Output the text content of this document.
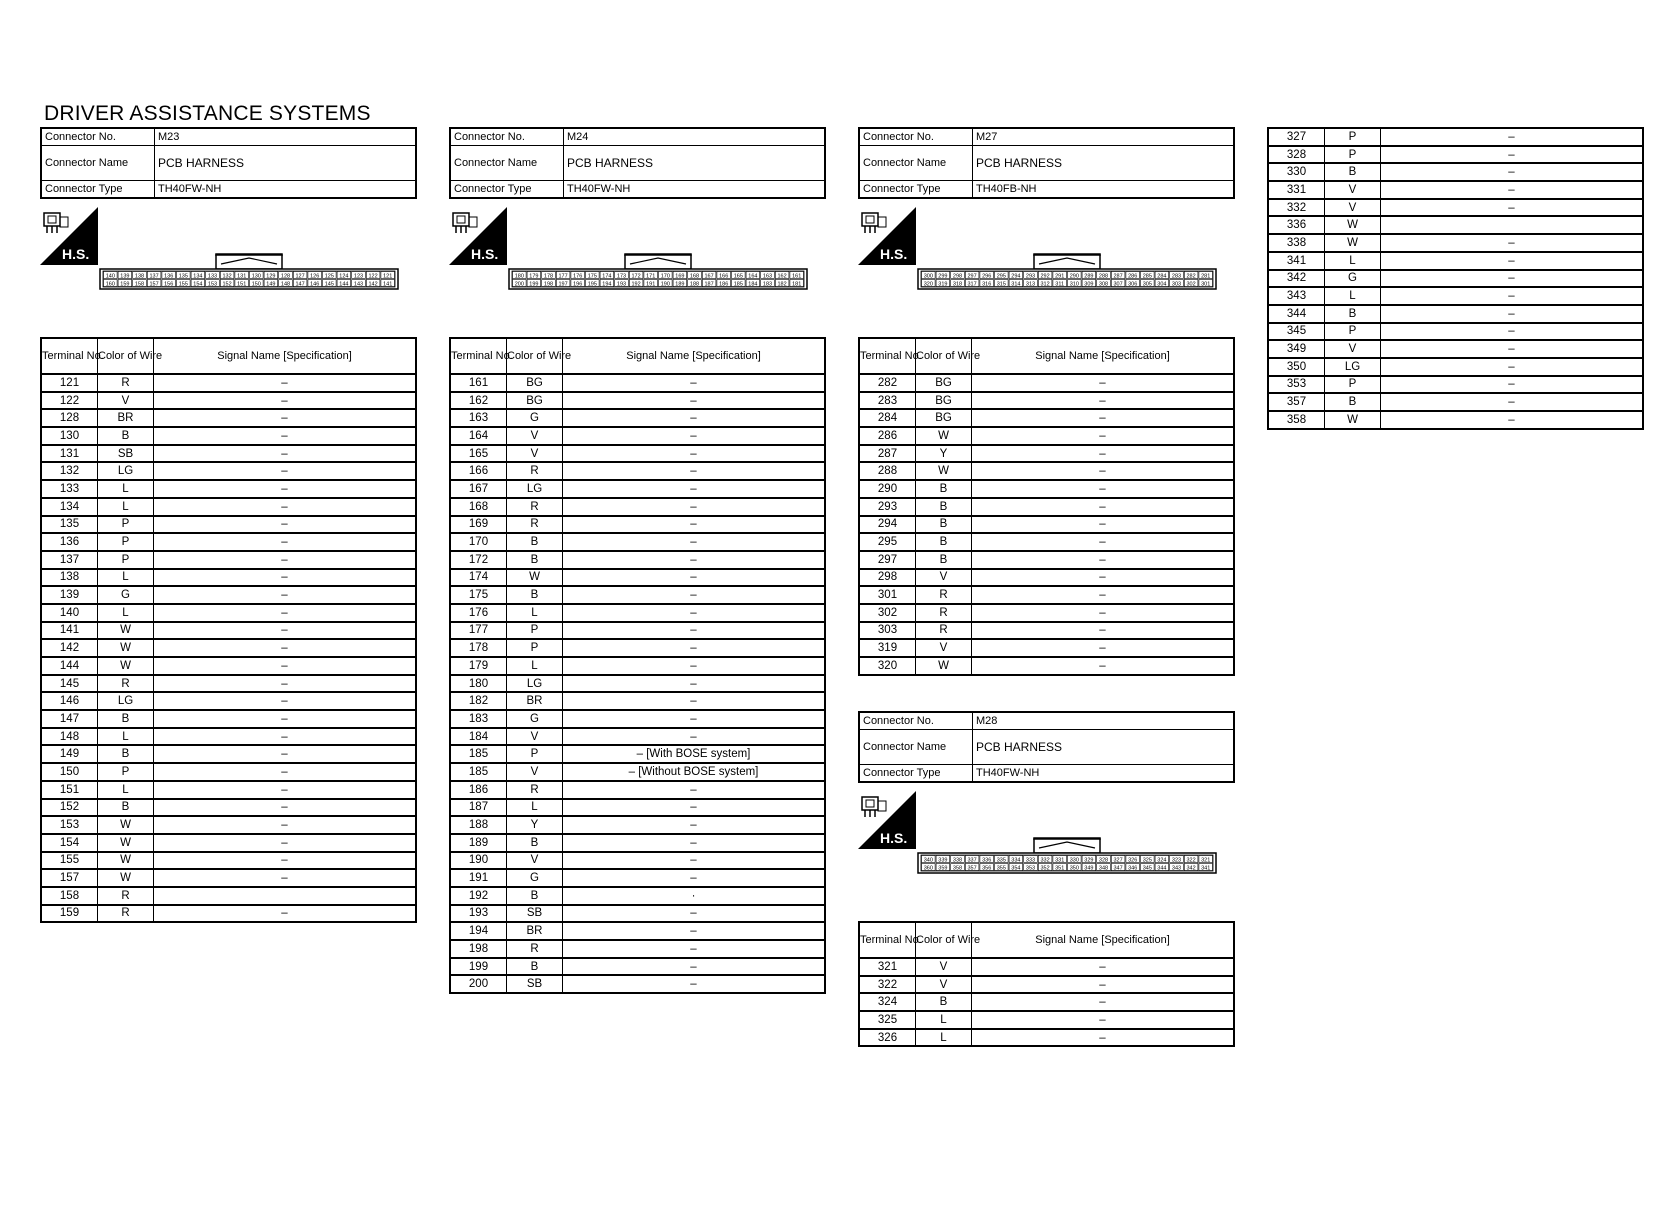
DRIVER ASSISTANCE SYSTEMS
Connector No.	M23
Connector Name	PCB HARNESS
Connector Type	TH40FW-NH
H.S.
140 139 138 137 136 135 134 133 132 131 130 129 128 127 126 125 124 123 122 121
160 159 158 157 156 155 154 153 152 151 150 149 148 147 146 145 144 143 142 141
Terminal No.	Color of Wire	Signal Name [Specification]
121	R	–
122	V	–
128	BR	–
130	B	–
131	SB	–
132	LG	–
133	L	–
134	L	–
135	P	–
136	P	–
137	P	–
138	L	–
139	G	–
140	L	–
141	W	–
142	W	–
144	W	–
145	R	–
146	LG	–
147	B	–
148	L	–
149	B	–
150	P	–
151	L	–
152	B	–
153	W	–
154	W	–
155	W	–
157	W	–
158	R	
159	R	–
Connector No.	M24
Connector Name	PCB HARNESS
Connector Type	TH40FW-NH
H.S.
180 179 178 177 176 175 174 173 172 171 170 169 168 167 166 165 164 163 162 161
200 199 198 197 196 195 194 193 192 191 190 189 188 187 186 185 184 183 182 181
Terminal No.	Color of Wire	Signal Name [Specification]
161	BG	–
162	BG	–
163	G	–
164	V	–
165	V	–
166	R	–
167	LG	–
168	R	–
169	R	–
170	B	–
172	B	–
174	W	–
175	B	–
176	L	–
177	P	–
178	P	–
179	L	–
180	LG	–
182	BR	–
183	G	–
184	V	–
185	P	– [With BOSE system]
185	V	– [Without BOSE system]
186	R	–
187	L	–
188	Y	–
189	B	–
190	V	–
191	G	–
192	B	·
193	SB	–
194	BR	–
198	R	–
199	B	–
200	SB	–
Connector No.	M27
Connector Name	PCB HARNESS
Connector Type	TH40FB-NH
H.S.
300 299 298 297 296 295 294 293 292 291 290 289 288 287 286 285 284 283 282 281
320 319 318 317 316 315 314 313 312 311 310 309 308 307 306 305 304 303 302 301
Terminal No.	Color of Wire	Signal Name [Specification]
282	BG	–
283	BG	–
284	BG	–
286	W	–
287	Y	–
288	W	–
290	B	–
293	B	–
294	B	–
295	B	–
297	B	–
298	V	–
301	R	–
302	R	–
303	R	–
319	V	–
320	W	–
Connector No.	M28
Connector Name	PCB HARNESS
Connector Type	TH40FW-NH
H.S.
340 339 338 337 336 335 334 333 332 331 330 329 328 327 326 325 324 323 322 321
360 359 358 357 356 355 354 353 352 351 350 349 348 347 346 345 344 343 342 341
Terminal No.	Color of Wire	Signal Name [Specification]
321	V	–
322	V	–
324	B	–
325	L	–
326	L	–
327	P	–
328	P	–
330	B	–
331	V	–
332	V	–
336	W	
338	W	–
341	L	–
342	G	–
343	L	–
344	B	–
345	P	–
349	V	–
350	LG	–
353	P	–
357	B	–
358	W	–
